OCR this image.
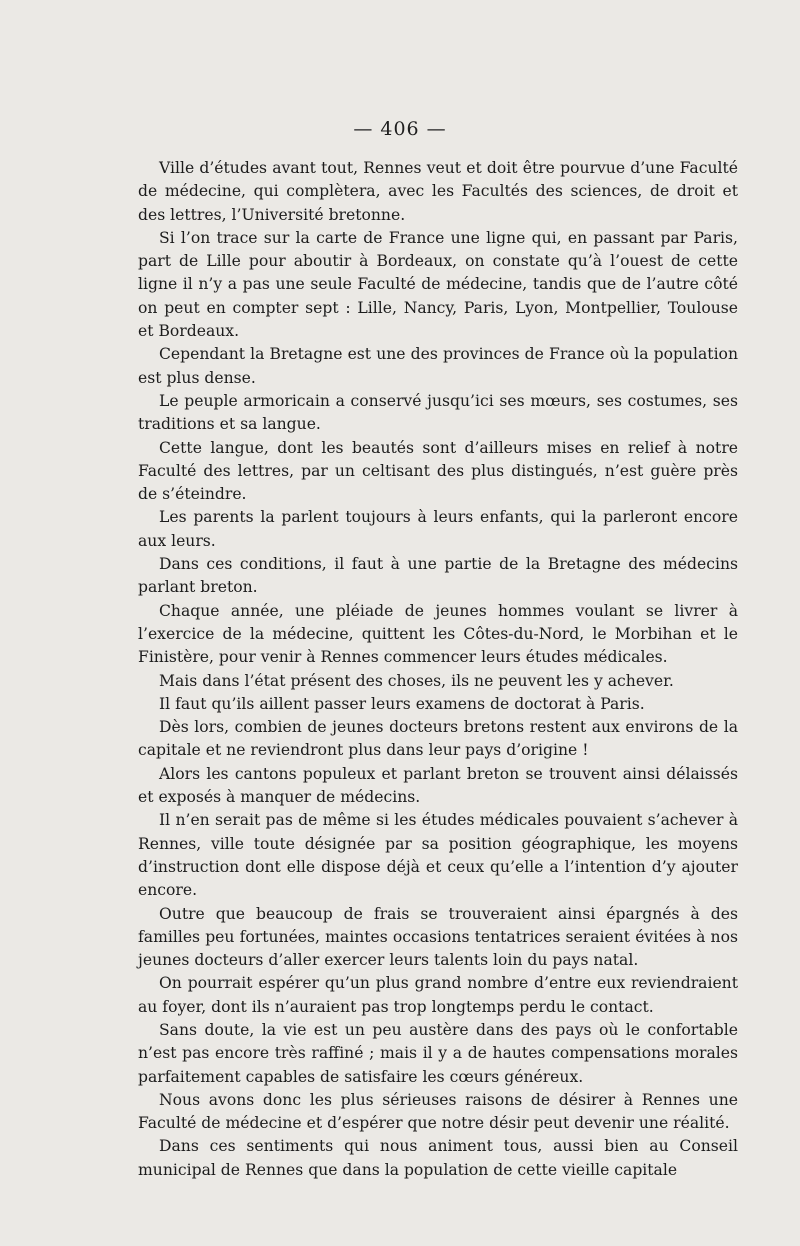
— 406 —

Ville d’études avant tout, Rennes veut et doit être pourvue d’une Faculté de médecine, qui complètera, avec les Facultés des sciences, de droit et des lettres, l’Université bretonne.

Si l’on trace sur la carte de France une ligne qui, en passant par Paris, part de Lille pour aboutir à Bordeaux, on constate qu’à l’ouest de cette ligne il n’y a pas une seule Faculté de médecine, tandis que de l’autre côté on peut en compter sept : Lille, Nancy, Paris, Lyon, Montpellier, Toulouse et Bordeaux.

Cependant la Bretagne est une des provinces de France où la population est plus dense.

Le peuple armoricain a conservé jusqu’ici ses mœurs, ses costumes, ses traditions et sa langue.

Cette langue, dont les beautés sont d’ailleurs mises en relief à notre Faculté des lettres, par un celtisant des plus distingués, n’est guère près de s’éteindre.

Les parents la parlent toujours à leurs enfants, qui la parleront encore aux leurs.

Dans ces conditions, il faut à une partie de la Bretagne des médecins parlant breton.

Chaque année, une pléiade de jeunes hommes voulant se livrer à l’exercice de la médecine, quittent les Côtes-du-Nord, le Morbihan et le Finistère, pour venir à Rennes commencer leurs études médicales.

Mais dans l’état présent des choses, ils ne peuvent les y achever.

Il faut qu’ils aillent passer leurs examens de doctorat à Paris.

Dès lors, combien de jeunes docteurs bretons restent aux environs de la capitale et ne reviendront plus dans leur pays d’origine !

Alors les cantons populeux et parlant breton se trouvent ainsi délaissés et exposés à manquer de médecins.

Il n’en serait pas de même si les études médicales pouvaient s’achever à Rennes, ville toute désignée par sa position géographique, les moyens d’instruction dont elle dispose déjà et ceux qu’elle a l’intention d’y ajouter encore.

Outre que beaucoup de frais se trouveraient ainsi épargnés à des familles peu fortunées, maintes occasions tentatrices seraient évitées à nos jeunes docteurs d’aller exercer leurs talents loin du pays natal.

On pourrait espérer qu’un plus grand nombre d’entre eux reviendraient au foyer, dont ils n’auraient pas trop longtemps perdu le contact.

Sans doute, la vie est un peu austère dans des pays où le confortable n’est pas encore très raffiné ; mais il y a de hautes compensations morales parfaitement capables de satisfaire les cœurs généreux.

Nous avons donc les plus sérieuses raisons de désirer à Rennes une Faculté de médecine et d’espérer que notre désir peut devenir une réalité.

Dans ces sentiments qui nous animent tous, aussi bien au Conseil municipal de Rennes que dans la population de cette vieille capitale
